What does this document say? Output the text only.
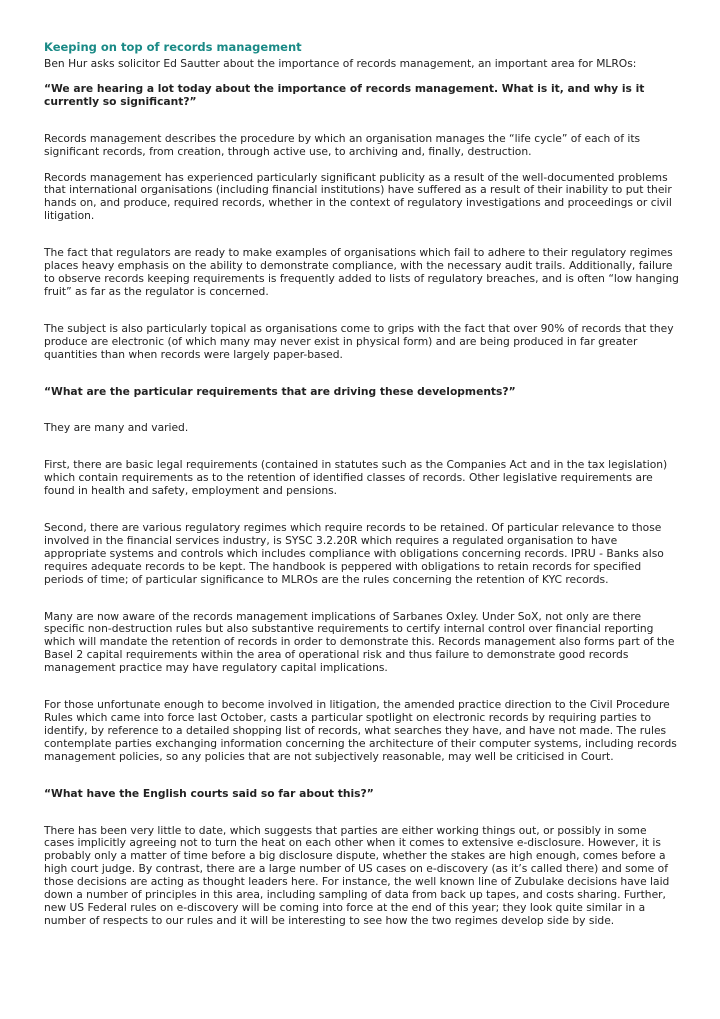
Keeping on top of records management

Ben Hur asks solicitor Ed Sautter about the importance of records management, an important area for MLROs:

“We are hearing a lot today about the importance of records management. What is it, and why is it currently so significant?”

Records management describes the procedure by which an organisation manages the “life cycle” of each of its significant records, from creation, through active use, to archiving and, finally, destruction.

Records management has experienced particularly significant publicity as a result of the well-documented problems that international organisations (including financial institutions) have suffered as a result of their inability to put their hands on, and produce, required records, whether in the context of regulatory investigations and proceedings or civil litigation.

The fact that regulators are ready to make examples of organisations which fail to adhere to their regulatory regimes places heavy emphasis on the ability to demonstrate compliance, with the necessary audit trails. Additionally, failure to observe records keeping requirements is frequently added to lists of regulatory breaches, and is often “low hanging fruit” as far as the regulator is concerned.

The subject is also particularly topical as organisations come to grips with the fact that over 90% of records that they produce are electronic (of which many may never exist in physical form) and are being produced in far greater quantities than when records were largely paper-based.

“What are the particular requirements that are driving these developments?”

They are many and varied.

First, there are basic legal requirements (contained in statutes such as the Companies Act and in the tax legislation) which contain requirements as to the retention of identified classes of records. Other legislative requirements are found in health and safety, employment and pensions.

Second, there are various regulatory regimes which require records to be retained. Of particular relevance to those involved in the financial services industry, is SYSC 3.2.20R which requires a regulated organisation to have appropriate systems and controls which includes compliance with obligations concerning records. IPRU - Banks also requires adequate records to be kept. The handbook is peppered with obligations to retain records for specified periods of time; of particular significance to MLROs are the rules concerning the retention of KYC records.

Many are now aware of the records management implications of Sarbanes Oxley. Under SoX, not only are there specific non-destruction rules but also substantive requirements to certify internal control over financial reporting which will mandate the retention of records in order to demonstrate this. Records management also forms part of the Basel 2 capital requirements within the area of operational risk and thus failure to demonstrate good records management practice may have regulatory capital implications.

For those unfortunate enough to become involved in litigation, the amended practice direction to the Civil Procedure Rules which came into force last October, casts a particular spotlight on electronic records by requiring parties to identify, by reference to a detailed shopping list of records, what searches they have, and have not made. The rules contemplate parties exchanging information concerning the architecture of their computer systems, including records management policies, so any policies that are not subjectively reasonable, may well be criticised in Court.

“What have the English courts said so far about this?”

There has been very little to date, which suggests that parties are either working things out, or possibly in some cases implicitly agreeing not to turn the heat on each other when it comes to extensive e-disclosure. However, it is probably only a matter of time before a big disclosure dispute, whether the stakes are high enough, comes before a high court judge. By contrast, there are a large number of US cases on e-discovery (as it’s called there) and some of those decisions are acting as thought leaders here. For instance, the well known line of Zubulake decisions have laid down a number of principles in this area, including sampling of data from back up tapes, and costs sharing. Further, new US Federal rules on e-discovery will be coming into force at the end of this year; they look quite similar in a number of respects to our rules and it will be interesting to see how the two regimes develop side by side.
